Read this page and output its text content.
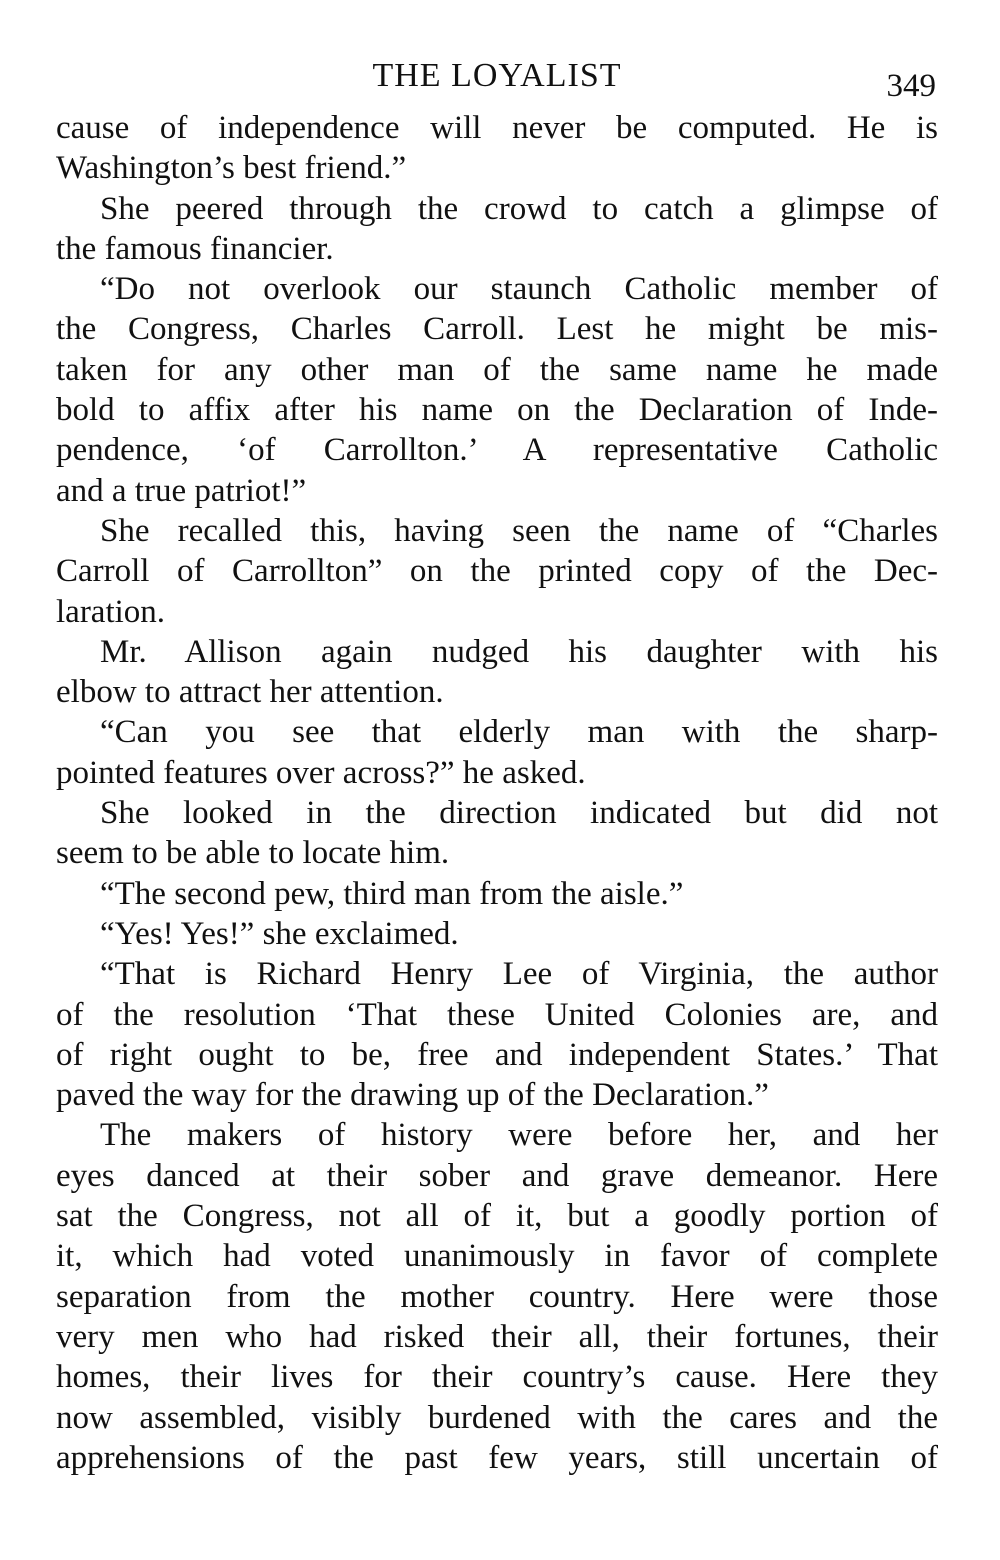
THE LOYALIST	349
cause of independence will never be computed. He is
Washington’s best friend.”
She peered through the crowd to catch a glimpse of
the famous financier.
“Do not overlook our staunch Catholic member of
the Congress, Charles Carroll. Lest he might be mis-
taken for any other man of the same name he made
bold to affix after his name on the Declaration of Inde-
pendence, ‘of Carrollton.’ A representative Catholic
and a true patriot!”
She recalled this, having seen the name of “Charles
Carroll of Carrollton” on the printed copy of the Dec-
laration.
Mr. Allison again nudged his daughter with his
elbow to attract her attention.
“Can you see that elderly man with the sharp-
pointed features over across?” he asked.
She looked in the direction indicated but did not
seem to be able to locate him.
“The second pew, third man from the aisle.”
“Yes! Yes!” she exclaimed.
“That is Richard Henry Lee of Virginia, the author
of the resolution ‘That these United Colonies are, and
of right ought to be, free and independent States.’ That
paved the way for the drawing up of the Declaration.”
The makers of history were before her, and her
eyes danced at their sober and grave demeanor. Here
sat the Congress, not all of it, but a goodly portion of
it, which had voted unanimously in favor of complete
separation from the mother country. Here were those
very men who had risked their all, their fortunes, their
homes, their lives for their country’s cause. Here they
now assembled, visibly burdened with the cares and the
apprehensions of the past few years, still uncertain of
